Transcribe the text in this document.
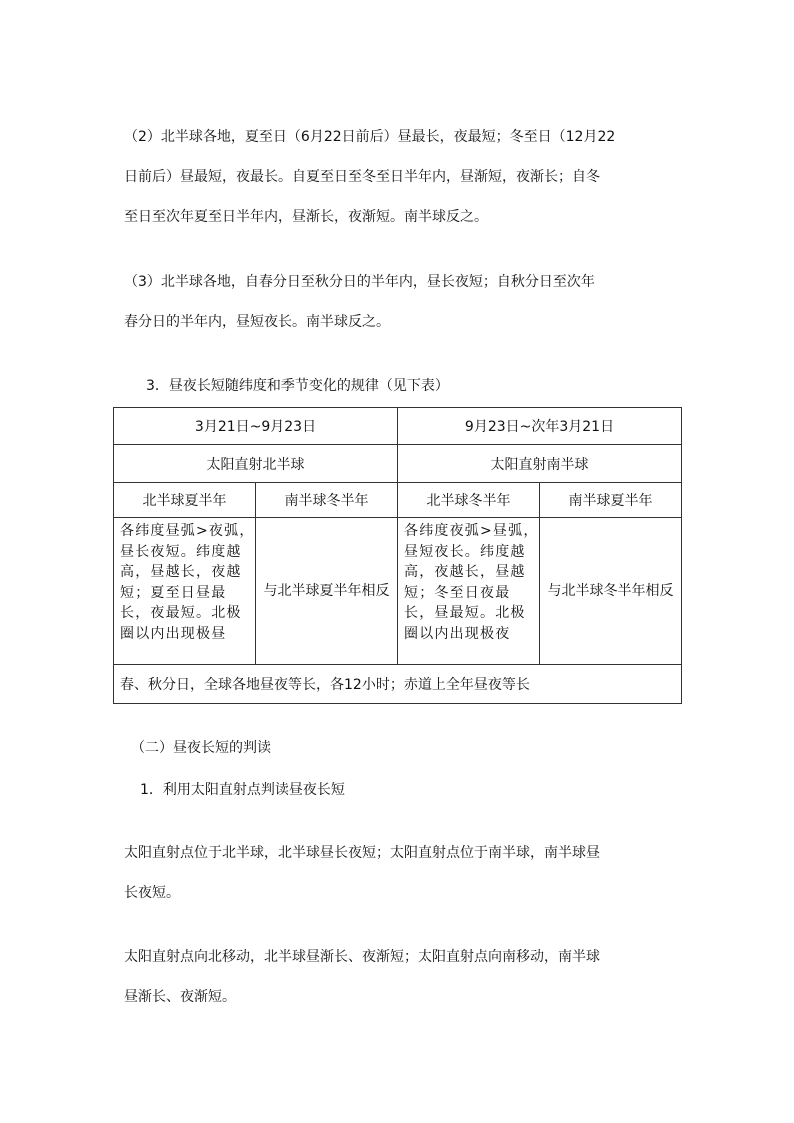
（2）北半球各地，夏至日（6月22日前后）昼最长，夜最短；冬至日（12月22
日前后）昼最短，夜最长。自夏至日至冬至日半年内，昼渐短，夜渐长；自冬
至日至次年夏至日半年内，昼渐长，夜渐短。南半球反之。
（3）北半球各地，自春分日至秋分日的半年内，昼长夜短；自秋分日至次年
春分日的半年内，昼短夜长。南半球反之。
3．昼夜长短随纬度和季节变化的规律（见下表）
3月21日~9月23日		9月23日~次年3月21日	
太阳直射北半球		太阳直射南半球	
北半球夏半年	南半球冬半年	北半球冬半年	南半球夏半年
各纬度昼弧>夜弧，昼长夜短。纬度越高，昼越长，夜越短；夏至日昼最长，夜最短。北极圈以内出现极昼	与北半球夏半年相反	各纬度夜弧>昼弧，昼短夜长。纬度越高，夜越长，昼越短；冬至日夜最长，昼最短。北极圈以内出现极夜	与北半球冬半年相反
春、秋分日，全球各地昼夜等长，各12小时；赤道上全年昼夜等长			
（二）昼夜长短的判读
1．利用太阳直射点判读昼夜长短
太阳直射点位于北半球，北半球昼长夜短；太阳直射点位于南半球，南半球昼
长夜短。
太阳直射点向北移动，北半球昼渐长、夜渐短；太阳直射点向南移动，南半球
昼渐长、夜渐短。
